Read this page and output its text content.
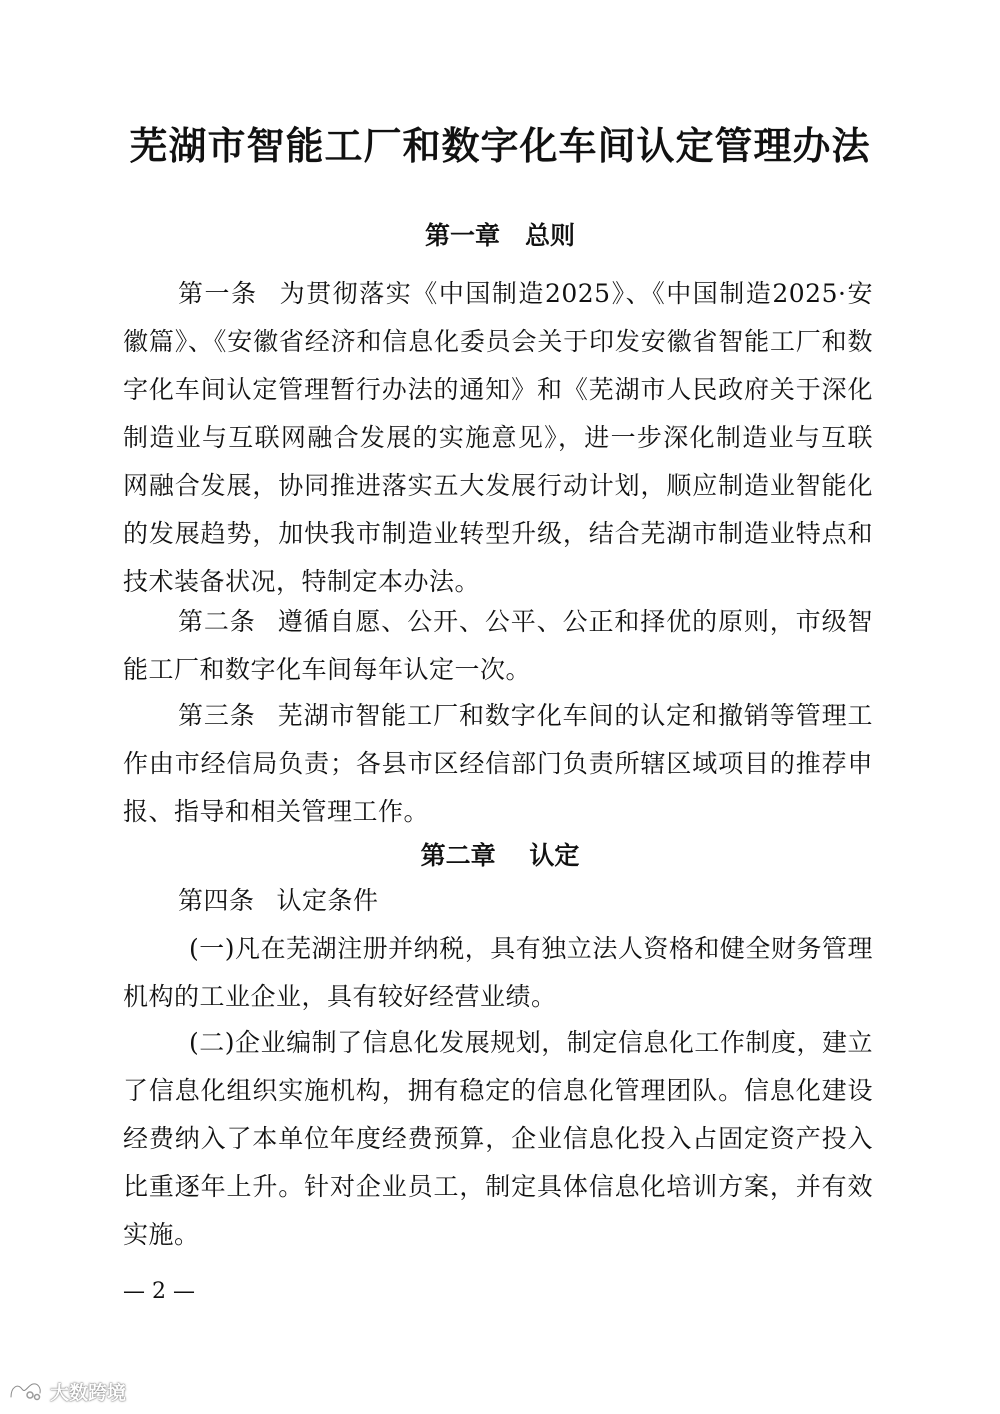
芜湖市智能工厂和数字化车间认定管理办法
第一章　总则

第一条 为贯彻落实《中国制造2025》、《中国制造2025·安徽篇》、《安徽省经济和信息化委员会关于印发安徽省智能工厂和数字化车间认定管理暂行办法的通知》和《芜湖市人民政府关于深化制造业与互联网融合发展的实施意见》，进一步深化制造业与互联网融合发展，协同推进落实五大发展行动计划，顺应制造业智能化的发展趋势，加快我市制造业转型升级，结合芜湖市制造业特点和技术装备状况，特制定本办法。

第二条 遵循自愿、公开、公平、公正和择优的原则，市级智能工厂和数字化车间每年认定一次。

第三条 芜湖市智能工厂和数字化车间的认定和撤销等管理工作由市经信局负责；各县市区经信部门负责所辖区域项目的推荐申报、指导和相关管理工作。

第二章　 认定

第四条 认定条件

(一)凡在芜湖注册并纳税，具有独立法人资格和健全财务管理机构的工业企业，具有较好经营业绩。

(二)企业编制了信息化发展规划，制定信息化工作制度，建立了信息化组织实施机构，拥有稳定的信息化管理团队。信息化建设经费纳入了本单位年度经费预算，企业信息化投入占固定资产投入比重逐年上升。针对企业员工，制定具体信息化培训方案，并有效实施。

— 2 —
大数跨境
